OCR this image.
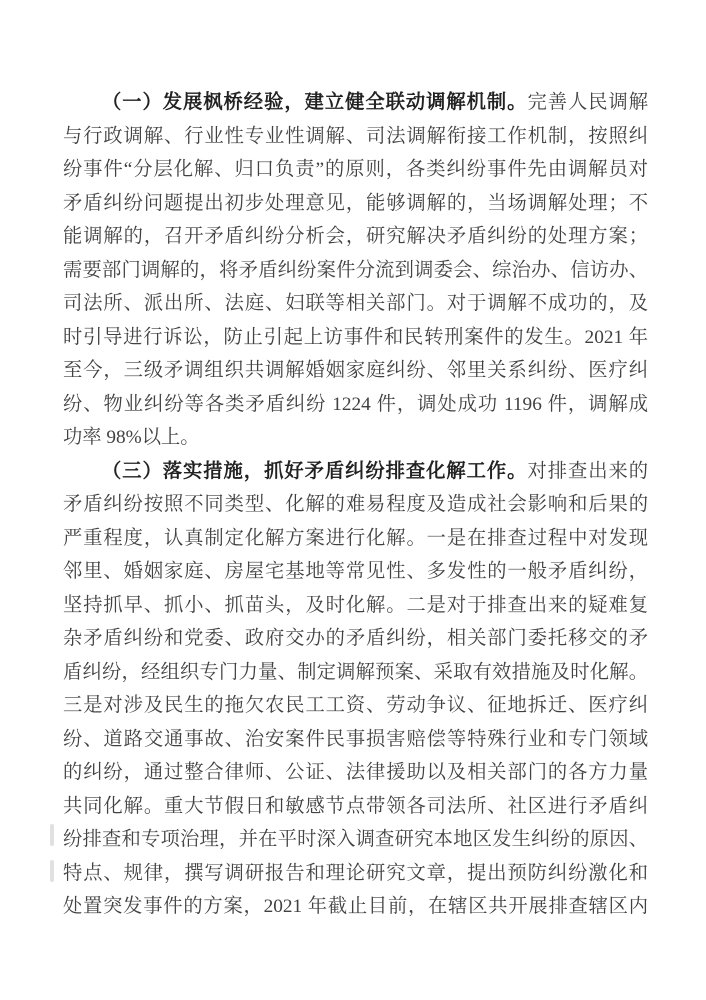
（一）发展枫桥经验，建立健全联动调解机制。完善人民调解
与行政调解、行业性专业性调解、司法调解衔接工作机制，按照纠
纷事件“分层化解、归口负责”的原则，各类纠纷事件先由调解员对
矛盾纠纷问题提出初步处理意见，能够调解的，当场调解处理；不
能调解的，召开矛盾纠纷分析会，研究解决矛盾纠纷的处理方案；
需要部门调解的，将矛盾纠纷案件分流到调委会、综治办、信访办、
司法所、派出所、法庭、妇联等相关部门。对于调解不成功的，及
时引导进行诉讼，防止引起上访事件和民转刑案件的发生。2021 年
至今，三级矛调组织共调解婚姻家庭纠纷、邻里关系纠纷、医疗纠
纷、物业纠纷等各类矛盾纠纷 1224 件，调处成功 1196 件，调解成
功率 98%以上。
（三）落实措施，抓好矛盾纠纷排查化解工作。对排查出来的
矛盾纠纷按照不同类型、化解的难易程度及造成社会影响和后果的
严重程度，认真制定化解方案进行化解。一是在排查过程中对发现
邻里、婚姻家庭、房屋宅基地等常见性、多发性的一般矛盾纠纷，
坚持抓早、抓小、抓苗头，及时化解。二是对于排查出来的疑难复
杂矛盾纠纷和党委、政府交办的矛盾纠纷，相关部门委托移交的矛
盾纠纷，经组织专门力量、制定调解预案、采取有效措施及时化解。
三是对涉及民生的拖欠农民工工资、劳动争议、征地拆迁、医疗纠
纷、道路交通事故、治安案件民事损害赔偿等特殊行业和专门领域
的纠纷，通过整合律师、公证、法律援助以及相关部门的各方力量
共同化解。重大节假日和敏感节点带领各司法所、社区进行矛盾纠
纷排查和专项治理，并在平时深入调查研究本地区发生纠纷的原因、
特点、规律，撰写调研报告和理论研究文章，提出预防纠纷激化和
处置突发事件的方案，2021 年截止目前，在辖区共开展排查辖区内
